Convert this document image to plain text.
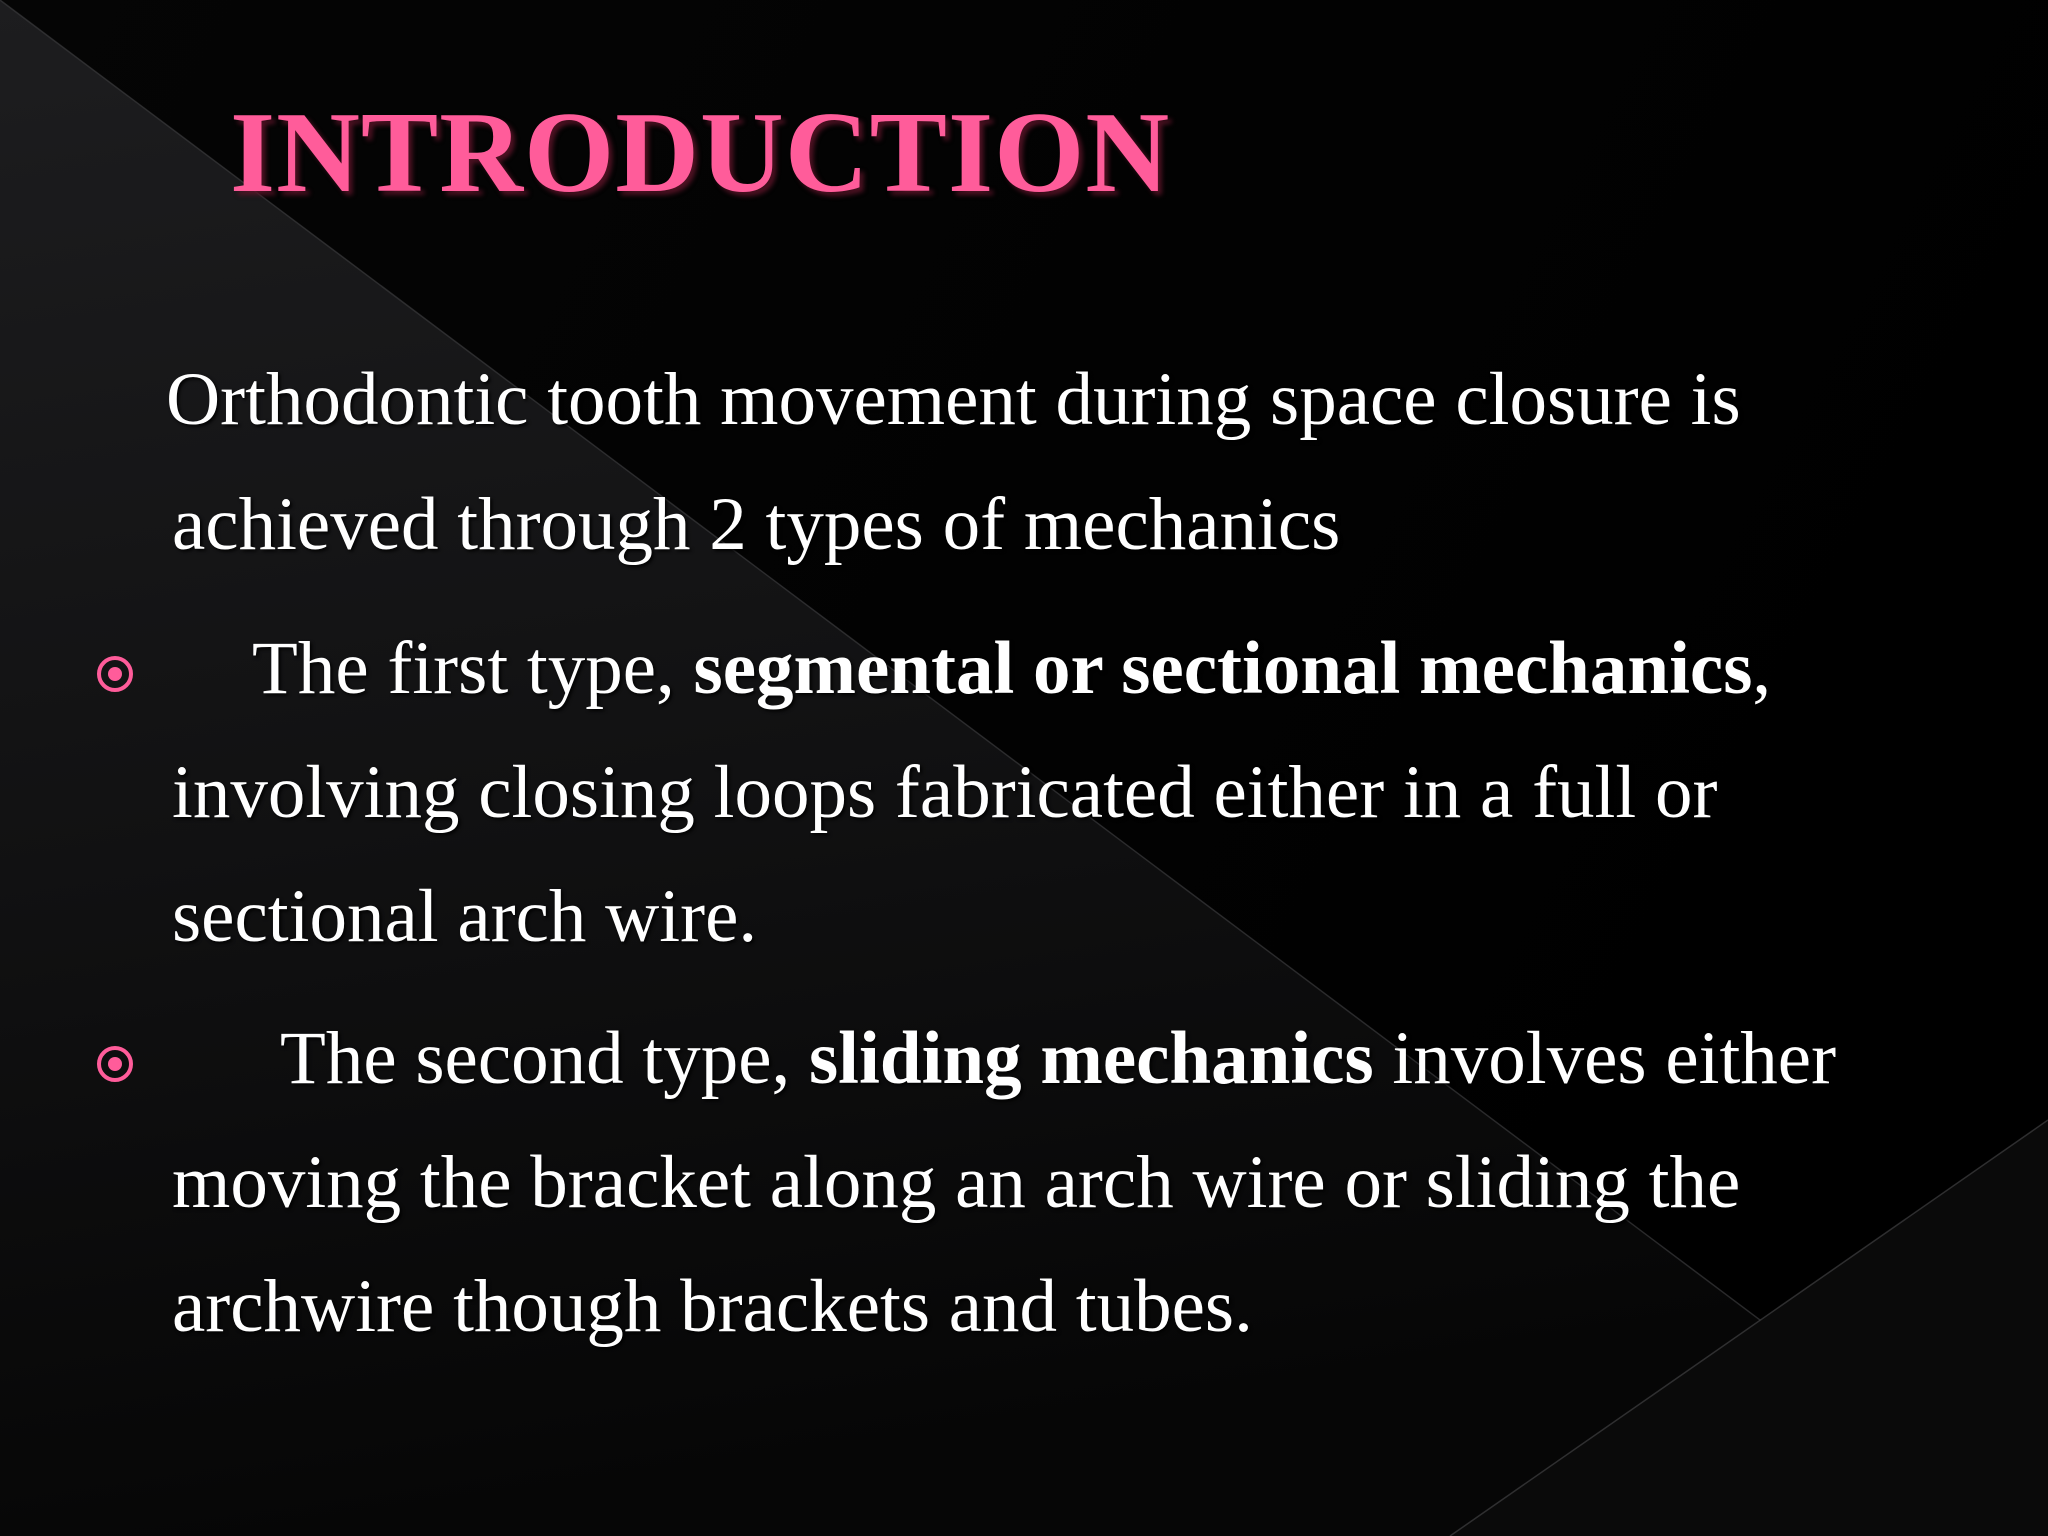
INTRODUCTION
Orthodontic tooth movement during space closure is
achieved through 2 types of mechanics
The first type, segmental or sectional mechanics,
involving closing loops fabricated either in a full or
sectional arch wire.
The second type, sliding mechanics involves either
moving the bracket along an arch wire or sliding the
archwire though brackets and tubes.
